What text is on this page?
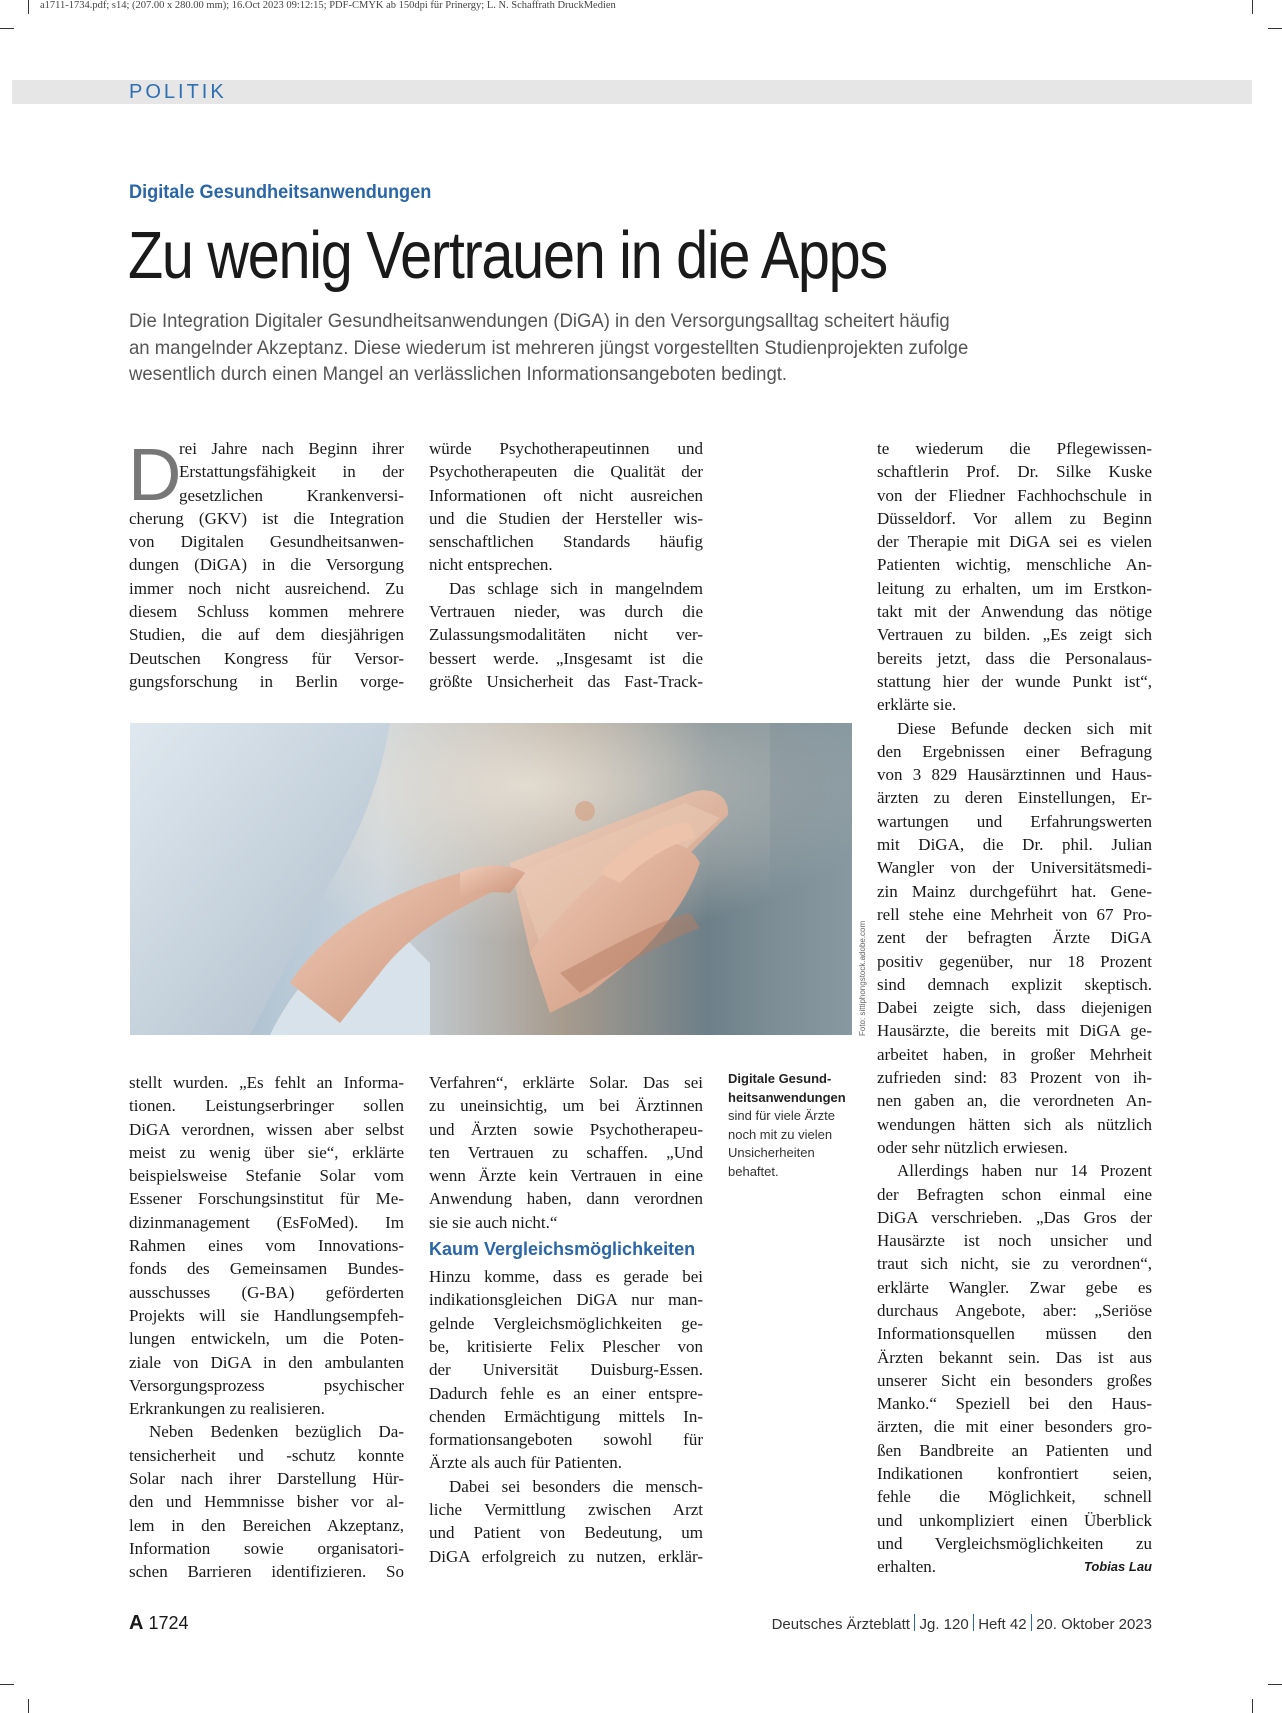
a1711-1734.pdf; s14; (207.00 x 280.00 mm); 16.Oct 2023 09:12:15; PDF-CMYK ab 150dpi für Prinergy; L. N. Schaffrath DruckMedien
POLITIK
Digitale Gesundheitsanwendungen
Zu wenig Vertrauen in die Apps
Die Integration Digitaler Gesundheitsanwendungen (DiGA) in den Versorgungsalltag scheitert häufig
an mangelnder Akzeptanz. Diese wiederum ist mehreren jüngst vorgestellten Studienprojekten zufolge
wesentlich durch einen Mangel an verlässlichen Informationsangeboten bedingt.
D
rei Jahre nach Beginn ihrer
Erstattungsfähigkeit in der
gesetzlichen Krankenversi-
cherung (GKV) ist die Integration
von Digitalen Gesundheitsanwen-
dungen (DiGA) in die Versorgung
immer noch nicht ausreichend. Zu
diesem Schluss kommen mehrere
Studien, die auf dem diesjährigen
Deutschen Kongress für Versor-
gungsforschung in Berlin vorge-
würde Psychotherapeutinnen und
Psychotherapeuten die Qualität der
Informationen oft nicht ausreichen
und die Studien der Hersteller wis-
senschaftlichen Standards häufig
nicht entsprechen.
Das schlage sich in mangelndem
Vertrauen nieder, was durch die
Zulassungsmodalitäten nicht ver-
bessert werde. „Insgesamt ist die
größte Unsicherheit das Fast-Track-
te wiederum die Pflegewissen-
schaftlerin Prof. Dr. Silke Kuske
von der Fliedner Fachhochschule in
Düsseldorf. Vor allem zu Beginn
der Therapie mit DiGA sei es vielen
Patienten wichtig, menschliche An-
leitung zu erhalten, um im Erstkon-
takt mit der Anwendung das nötige
Vertrauen zu bilden. „Es zeigt sich
bereits jetzt, dass die Personalaus-
stattung hier der wunde Punkt ist“,
erklärte sie.
Diese Befunde decken sich mit
den Ergebnissen einer Befragung
von 3 829 Hausärztinnen und Haus-
ärzten zu deren Einstellungen, Er-
wartungen und Erfahrungswerten
mit DiGA, die Dr. phil. Julian
Wangler von der Universitätsmedi-
zin Mainz durchgeführt hat. Gene-
rell stehe eine Mehrheit von 67 Pro-
zent der befragten Ärzte DiGA
positiv gegenüber, nur 18 Prozent
sind demnach explizit skeptisch.
Dabei zeigte sich, dass diejenigen
Hausärzte, die bereits mit DiGA ge-
arbeitet haben, in großer Mehrheit
zufrieden sind: 83 Prozent von ih-
nen gaben an, die verordneten An-
wendungen hätten sich als nützlich
oder sehr nützlich erwiesen.
Allerdings haben nur 14 Prozent
der Befragten schon einmal eine
DiGA verschrieben. „Das Gros der
Hausärzte ist noch unsicher und
traut sich nicht, sie zu verordnen“,
erklärte Wangler. Zwar gebe es
durchaus Angebote, aber: „Seriöse
Informationsquellen müssen den
Ärzten bekannt sein. Das ist aus
unserer Sicht ein besonders großes
Manko.“ Speziell bei den Haus-
ärzten, die mit einer besonders gro-
ßen Bandbreite an Patienten und
Indikationen konfrontiert seien,
fehle die Möglichkeit, schnell
und unkompliziert einen Überblick
und Vergleichsmöglichkeiten zu
erhalten.	Tobias Lau
Foto: sittiphongstock.adobe.com
stellt wurden. „Es fehlt an Informa-
tionen. Leistungserbringer sollen
DiGA verordnen, wissen aber selbst
meist zu wenig über sie“, erklärte
beispielsweise Stefanie Solar vom
Essener Forschungsinstitut für Me-
dizinmanagement (EsFoMed). Im
Rahmen eines vom Innovations-
fonds des Gemeinsamen Bundes-
ausschusses (G-BA) geförderten
Projekts will sie Handlungsempfeh-
lungen entwickeln, um die Poten-
ziale von DiGA in den ambulanten
Versorgungsprozess psychischer
Erkrankungen zu realisieren.
Neben Bedenken bezüglich Da-
tensicherheit und -schutz konnte
Solar nach ihrer Darstellung Hür-
den und Hemmnisse bisher vor al-
lem in den Bereichen Akzeptanz,
Information sowie organisatori-
schen Barrieren identifizieren. So
Verfahren“, erklärte Solar. Das sei
zu uneinsichtig, um bei Ärztinnen
und Ärzten sowie Psychotherapeu-
ten Vertrauen zu schaffen. „Und
wenn Ärzte kein Vertrauen in eine
Anwendung haben, dann verordnen
sie sie auch nicht.“
Kaum Vergleichsmöglichkeiten
Hinzu komme, dass es gerade bei
indikationsgleichen DiGA nur man-
gelnde Vergleichsmöglichkeiten ge-
be, kritisierte Felix Plescher von
der Universität Duisburg-Essen.
Dadurch fehle es an einer entspre-
chenden Ermächtigung mittels In-
formationsangeboten sowohl für
Ärzte als auch für Patienten.
Dabei sei besonders die mensch-
liche Vermittlung zwischen Arzt
und Patient von Bedeutung, um
DiGA erfolgreich zu nutzen, erklär-
Digitale Gesund-
heitsanwendungen
sind für viele Ärzte
noch mit zu vielen
Unsicherheiten
behaftet.
A 1724	Deutsches Ärzteblatt Jg. 120 Heft 42 20. Oktober 2023
